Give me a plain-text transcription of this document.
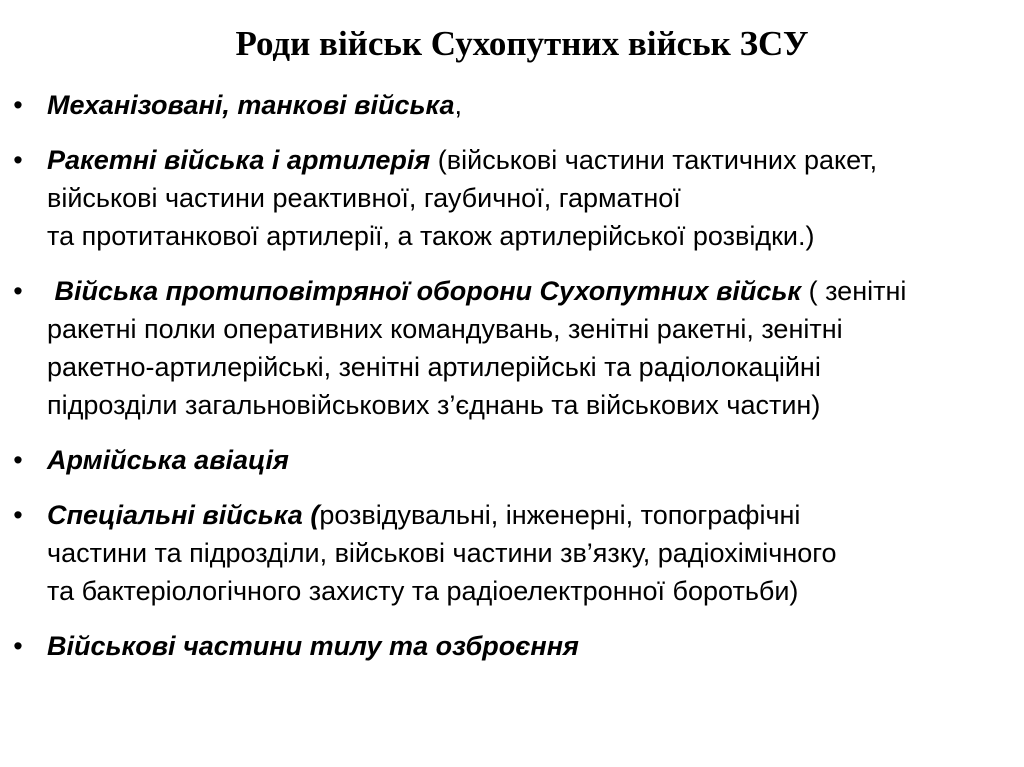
Роди військ Сухопутних військ ЗСУ
• Механізовані, танкові війська,
• Ракетні війська і артилерія (військові частини тактичних ракет,
військові частини реактивної, гаубичної, гарматної
та протитанкової артилерії, а також артилерійської розвідки.)
• Війська протиповітряної оборони Сухопутних військ ( зенітні
ракетні полки оперативних командувань, зенітні ракетні, зенітні
ракетно-артилерійські, зенітні артилерійські та радіолокаційні
підрозділи загальновійськових з’єднань та військових частин)
• Армійська авіація
• Спеціальні війська (розвідувальні, інженерні, топографічні
частини та підрозділи, військові частини зв’язку, радіохімічного
та бактеріологічного захисту та радіоелектронної боротьби)
• Військові частини тилу та озброєння
